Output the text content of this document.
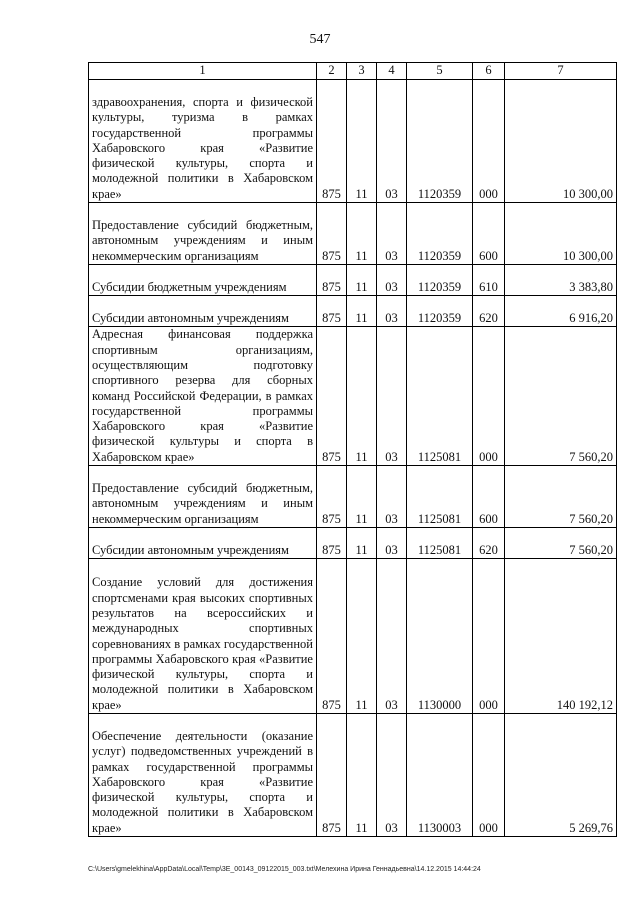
547
1	2	3	4	5	6	7
здравоохранения, спорта и физической культуры, туризма в рамках государственной программы Хабаровского края «Развитие физической культуры, спорта и молодежной политики в Хабаровском крае»	875	11	03	1120359	000	10 300,00
Предоставление субсидий бюджетным, автономным учреждениям и иным некоммерческим организациям	875	11	03	1120359	600	10 300,00
Субсидии бюджетным учреждениям	875	11	03	1120359	610	3 383,80
Субсидии автономным учреждениям	875	11	03	1120359	620	6 916,20
Адресная финансовая поддержка спортивным организациям, осуществляющим подготовку спортивного резерва для сборных команд Российской Федерации, в рамках государственной программы Хабаровского края «Развитие физической культуры и спорта в Хабаровском крае»	875	11	03	1125081	000	7 560,20
Предоставление субсидий бюджетным, автономным учреждениям и иным некоммерческим организациям	875	11	03	1125081	600	7 560,20
Субсидии автономным учреждениям	875	11	03	1125081	620	7 560,20
Создание условий для достижения спортсменами края высоких спортивных результатов на всероссийских и международных спортивных соревнованиях в рамках государственной программы Хабаровского края «Развитие физической культуры, спорта и молодежной политики в Хабаровском крае»	875	11	03	1130000	000	140 192,12
Обеспечение деятельности (оказание услуг) подведомственных учреждений в рамках государственной программы Хабаровского края «Развитие физической культуры, спорта и молодежной политики в Хабаровском крае»	875	11	03	1130003	000	5 269,76
C:\Users\gmelekhina\AppData\Local\Temp\3E_00143_09122015_003.txt\Мелехина Ирина Геннадьевна\14.12.2015 14:44:24
